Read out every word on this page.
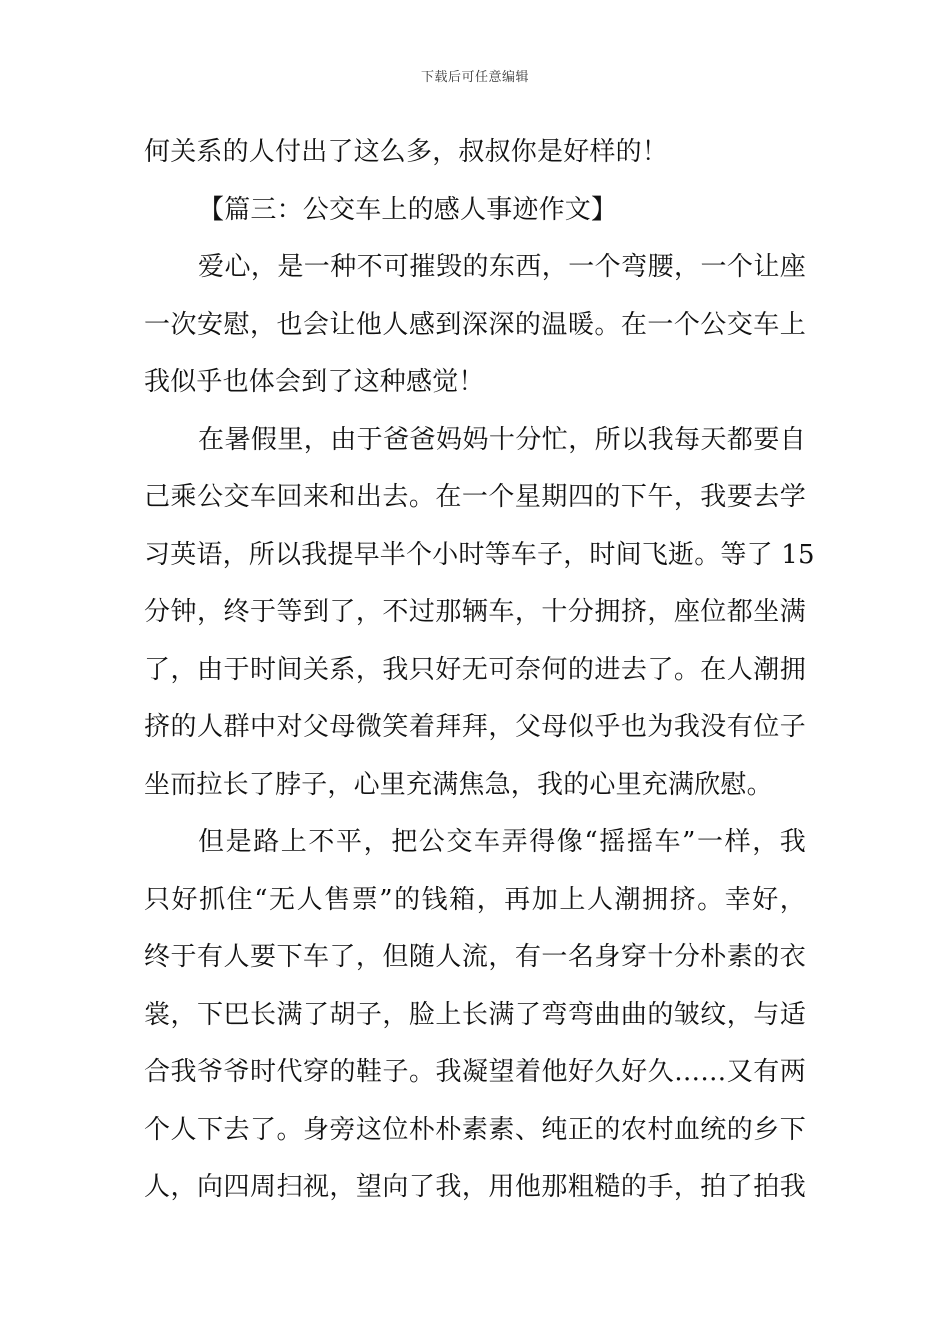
下载后可任意编辑
何关系的人付出了这么多，叔叔你是好样的！
【篇三：公交车上的感人事迹作文】
爱心，是一种不可摧毁的东西，一个弯腰，一个让座
一次安慰，也会让他人感到深深的温暖。在一个公交车上
我似乎也体会到了这种感觉！
在暑假里，由于爸爸妈妈十分忙，所以我每天都要自
己乘公交车回来和出去。在一个星期四的下午，我要去学
习英语，所以我提早半个小时等车子，时间飞逝。等了 15
分钟，终于等到了，不过那辆车，十分拥挤，座位都坐满
了，由于时间关系，我只好无可奈何的进去了。在人潮拥
挤的人群中对父母微笑着拜拜，父母似乎也为我没有位子
坐而拉长了脖子，心里充满焦急，我的心里充满欣慰。
但是路上不平，把公交车弄得像“摇摇车”一样，我
只好抓住“无人售票”的钱箱，再加上人潮拥挤。幸好，
终于有人要下车了，但随人流，有一名身穿十分朴素的衣
裳，下巴长满了胡子，脸上长满了弯弯曲曲的皱纹，与适
合我爷爷时代穿的鞋子。我凝望着他好久好久……又有两
个人下去了。身旁这位朴朴素素、纯正的农村血统的乡下
人，向四周扫视，望向了我，用他那粗糙的手，拍了拍我
